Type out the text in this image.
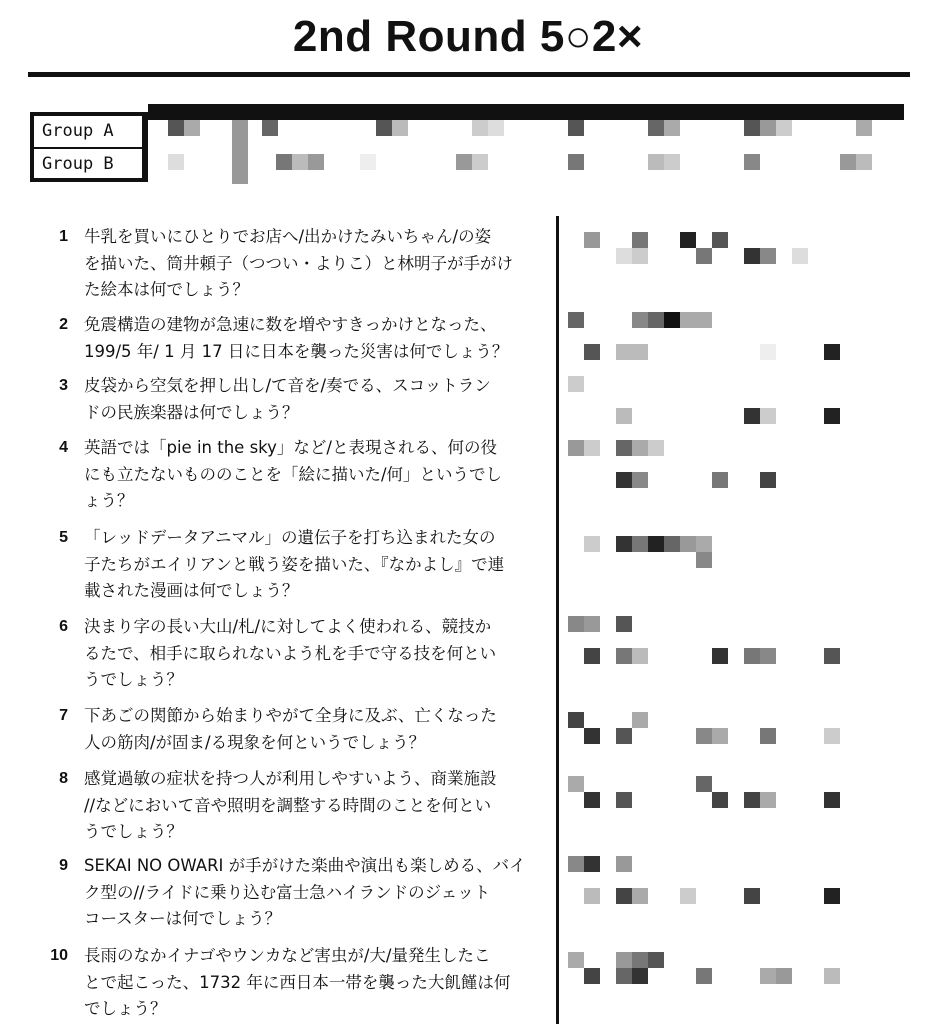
2nd Round 5○2×
Group A
Group B
1 牛乳を買いにひとりでお店へ/出かけたみいちゃん/の姿
を描いた、筒井頼子（つつい・よりこ）と林明子が手がけ
た絵本は何でしょう？
2 免震構造の建物が急速に数を増やすきっかけとなった、
199/5 年/ 1 月 17 日に日本を襲った災害は何でしょう？
3 皮袋から空気を押し出し/て音を/奏でる、スコットラン
ドの民族楽器は何でしょう？
4 英語では「pie in the sky」など/と表現される、何の役
にも立たないもののことを「絵に描いた/何」というでし
ょう？
5 「レッドデータアニマル」の遺伝子を打ち込まれた女の
子たちがエイリアンと戦う姿を描いた、『なかよし』で連
載された漫画は何でしょう？
6 決まり字の長い大山/札/に対してよく使われる、競技か
るたで、相手に取られないよう札を手で守る技を何とい
うでしょう？
7 下あごの関節から始まりやがて全身に及ぶ、亡くなった
人の筋肉/が固ま/る現象を何というでしょう？
8 感覚過敏の症状を持つ人が利用しやすいよう、商業施設
//などにおいて音や照明を調整する時間のことを何とい
うでしょう？
9 SEKAI NO OWARI が手がけた楽曲や演出も楽しめる、バイ
ク型の//ライドに乗り込む富士急ハイランドのジェット
コースターは何でしょう？
10 長雨のなかイナゴやウンカなど害虫が/大/量発生したこ
とで起こった、1732 年に西日本一帯を襲った大飢饉は何
でしょう？
